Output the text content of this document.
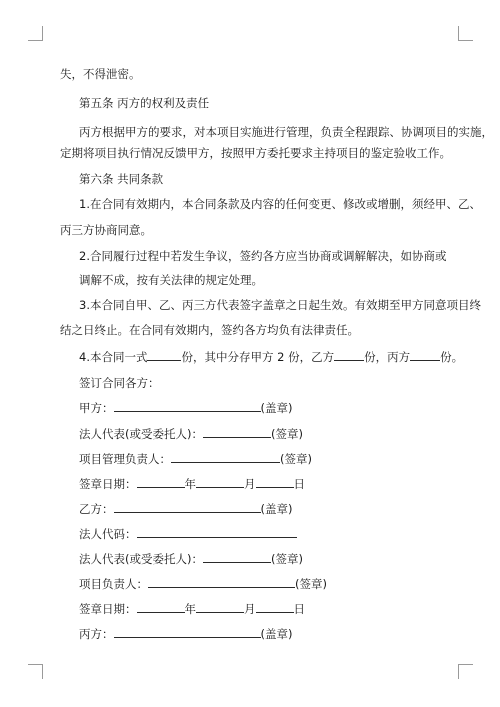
失，不得泄密。
第五条 丙方的权利及责任
丙方根据甲方的要求，对本项目实施进行管理，负责全程跟踪、协调项目的实施，
定期将项目执行情况反馈甲方，按照甲方委托要求主持项目的鉴定验收工作。
第六条 共同条款
1.在合同有效期内，本合同条款及内容的任何变更、修改或增删，须经甲、乙、
丙三方协商同意。
2.合同履行过程中若发生争议，签约各方应当协商或调解解决，如协商或
调解不成，按有关法律的规定处理。
3.本合同自甲、乙、丙三方代表签字盖章之日起生效。有效期至甲方同意项目终
结之日终止。在合同有效期内，签约各方均负有法律责任。
4.本合同一式	份，其中分存甲方 2 份，乙方	份，丙方	份。
签订合同各方：
甲方：	(盖章)
法人代表(或受委托人)：	(签章)
项目管理负责人：	(签章)
签章日期：	年	月	日
乙方：	(盖章)
法人代码：
法人代表(或受委托人)：	(签章)
项目负责人：	(签章)
签章日期：	年	月	日
丙方：	(盖章)
